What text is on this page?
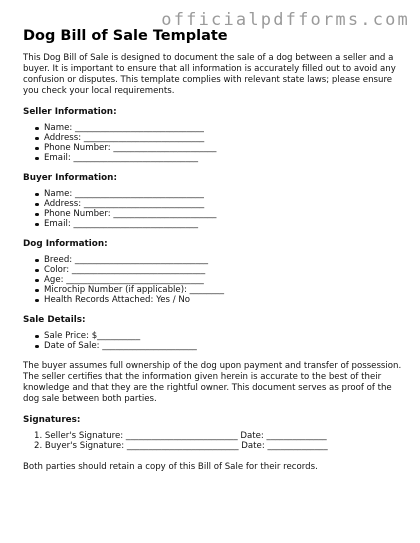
officialpdfforms.com
Dog Bill of Sale Template

This Dog Bill of Sale is designed to document the sale of a dog between a seller and a buyer. It is important to ensure that all information is accurately filled out to avoid any confusion or disputes. This template complies with relevant state laws; please ensure you check your local requirements.

Seller Information:
Name: ______________________________
Address: ____________________________
Phone Number: ________________________
Email: _____________________________
Buyer Information:
Name: ______________________________
Address: ____________________________
Phone Number: ________________________
Email: _____________________________
Dog Information:
Breed: _______________________________
Color: _______________________________
Age: ________________________________
Microchip Number (if applicable): ________
Health Records Attached: Yes / No
Sale Details:
Sale Price: $__________
Date of Sale: ______________________

The buyer assumes full ownership of the dog upon payment and transfer of possession. The seller certifies that the information given herein is accurate to the best of their knowledge and that they are the rightful owner. This document serves as proof of the dog sale between both parties.

Signatures:
1. Seller's Signature: __________________________ Date: ______________
2. Buyer's Signature: __________________________ Date: ______________

Both parties should retain a copy of this Bill of Sale for their records.
